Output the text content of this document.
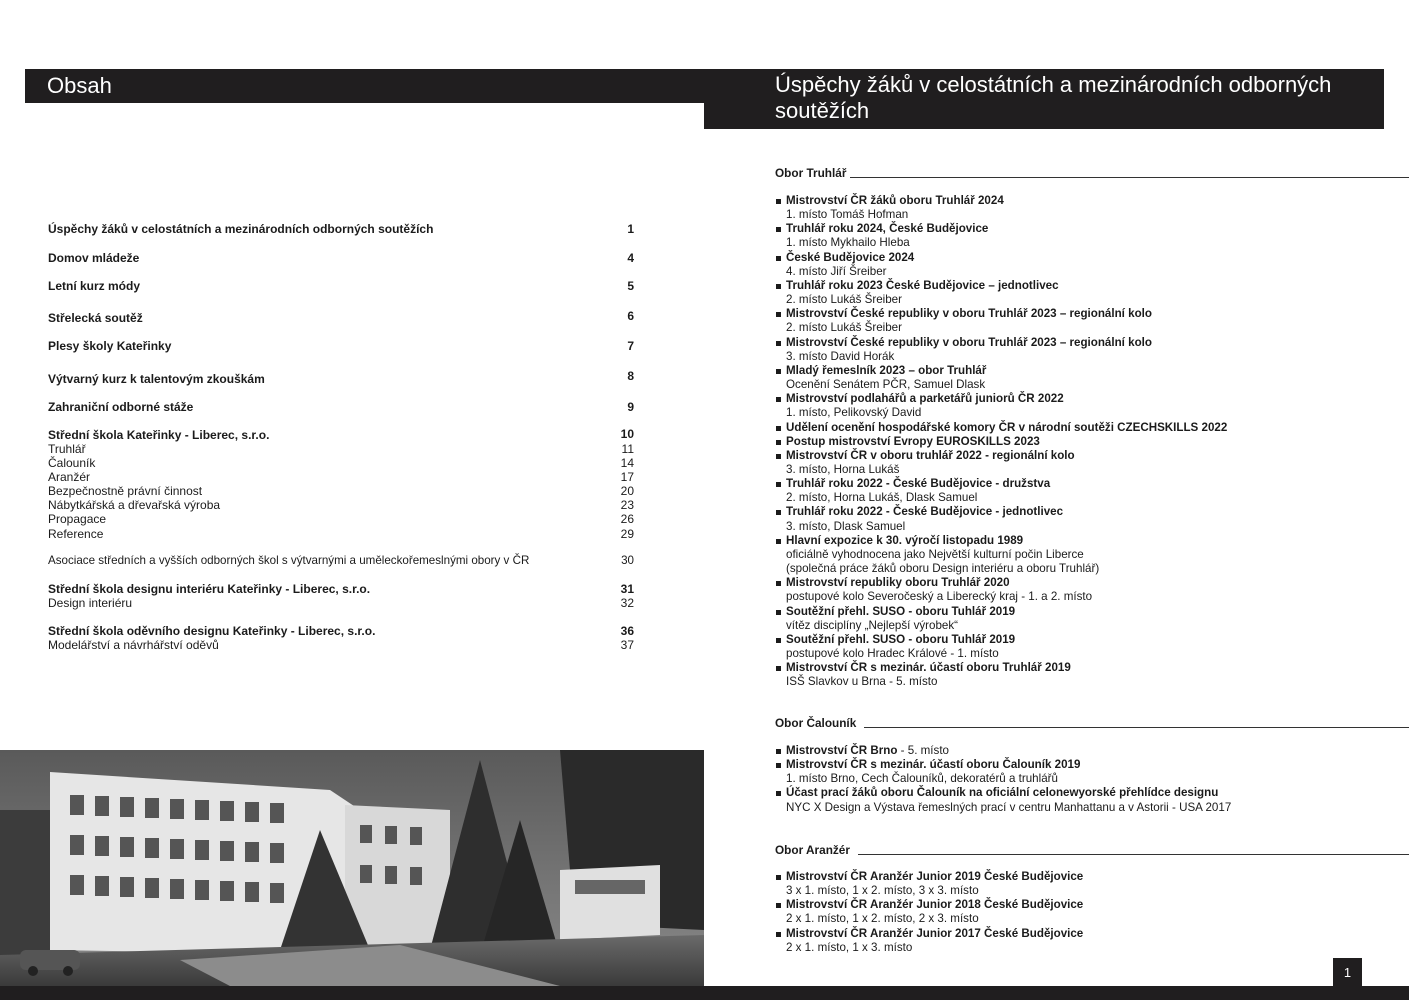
Obsah	Úspěchy žáků v celostátních a mezinárodních odborných soutěžích
Úspěchy žáků v celostátních a mezinárodních odborných soutěžích	1
Domov mládeže	4
Letní kurz módy	5
Střelecká soutěž	6
Plesy školy Kateřinky	7
Výtvarný kurz k talentovým zkouškám	8
Zahraniční odborné stáže	9
Střední škola Kateřinky - Liberec, s.r.o.	10
Truhlář	11
Čalouník	14
Aranžér	17
Bezpečnostně právní činnost	20
Nábytkářská a dřevařská výroba	23
Propagace	26
Reference	29
Asociace středních a vyšších odborných škol s výtvarnými a uměleckořemeslnými obory v ČR	30
Střední škola designu interiéru Kateřinky - Liberec, s.r.o.	31
Design interiéru	32
Střední škola oděvního designu Kateřinky - Liberec, s.r.o.	36
Modelářství a návrhářství oděvů	37
Obor Truhlář
Mistrovství ČR žáků oboru Truhlář 2024
1. místo Tomáš Hofman
Truhlář roku 2024, České Budějovice
1. místo Mykhailo Hleba
České Budějovice 2024
4. místo Jiří Šreiber
Truhlář roku 2023 České Budějovice – jednotlivec
2. místo Lukáš Šreiber
Mistrovství České republiky v oboru Truhlář 2023 – regionální kolo
2. místo Lukáš Šreiber
Mistrovství České republiky v oboru Truhlář 2023 – regionální kolo
3. místo David Horák
Mladý řemeslník 2023 – obor Truhlář
Ocenění Senátem PČR, Samuel Dlask
Mistrovství podlahářů a parketářů juniorů ČR 2022
1. místo, Pelikovský David
Udělení ocenění hospodářské komory ČR v národní soutěži CZECHSKILLS 2022
Postup mistrovství Evropy EUROSKILLS 2023
Mistrovství ČR v oboru truhlář 2022 - regionální kolo
3. místo, Horna Lukáš
Truhlář roku 2022 - České Budějovice - družstva
2. místo, Horna Lukáš, Dlask Samuel
Truhlář roku 2022 - České Budějovice - jednotlivec
3. místo, Dlask Samuel
Hlavní expozice k 30. výročí listopadu 1989
oficiálně vyhodnocena jako Největší kulturní počin Liberce
(společná práce žáků oboru Design interiéru a oboru Truhlář)
Mistrovství republiky oboru Truhlář 2020
postupové kolo Severočeský a Liberecký kraj - 1. a 2. místo
Soutěžní přehl. SUSO - oboru Tuhlář 2019
vítěz disciplíny „Nejlepší výrobek“
Soutěžní přehl. SUSO - oboru Tuhlář 2019
postupové kolo Hradec Králové - 1. místo
Mistrovství ČR s mezinár. účastí oboru Truhlář 2019
ISŠ Slavkov u Brna - 5. místo
Obor Čalouník
Mistrovství ČR Brno - 5. místo
Mistrovství ČR s mezinár. účastí oboru Čalouník 2019
1. místo Brno, Cech Čalouníků, dekoratérů a truhlářů
Účast prací žáků oboru Čalouník na oficiální celonewyorské přehlídce designu
NYC X Design a Výstava řemeslných prací v centru Manhattanu a v Astorii - USA 2017
Obor Aranžér
Mistrovství ČR Aranžér Junior 2019 České Budějovice
3 x 1. místo, 1 x 2. místo, 3 x 3. místo
Mistrovství ČR Aranžér Junior 2018 České Budějovice
2 x 1. místo, 1 x 2. místo, 2 x 3. místo
Mistrovství ČR Aranžér Junior 2017 České Budějovice
2 x 1. místo, 1 x 3. místo
1
